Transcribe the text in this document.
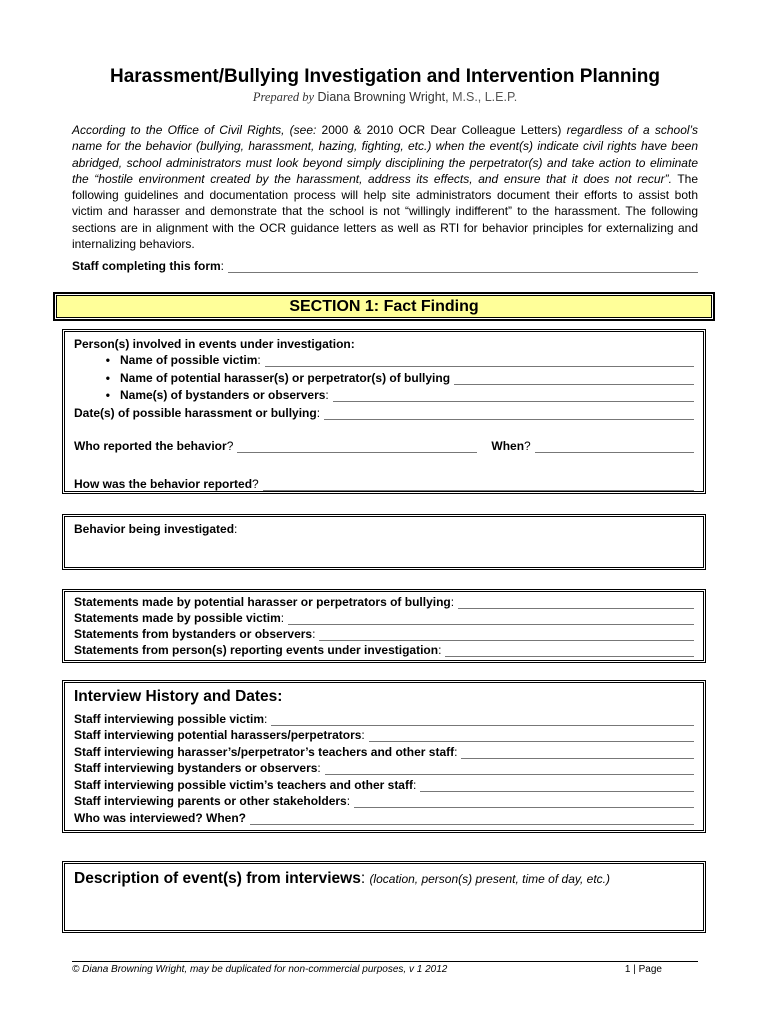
Harassment/Bullying Investigation and Intervention Planning
Prepared by Diana Browning Wright, M.S., L.E.P.
According to the Office of Civil Rights, (see: 2000 & 2010 OCR Dear Colleague Letters) regardless of a school’s name for the behavior (bullying, harassment, hazing, fighting, etc.) when the event(s) indicate civil rights have been abridged, school administrators must look beyond simply disciplining the perpetrator(s) and take action to eliminate the “hostile environment created by the harassment, address its effects, and ensure that it does not recur”. The following guidelines and documentation process will help site administrators document their efforts to assist both victim and harasser and demonstrate that the school is not “willingly indifferent” to the harassment. The following sections are in alignment with the OCR guidance letters as well as RTI for behavior principles for externalizing and internalizing behaviors.
Staff completing this form :
SECTION 1: Fact Finding
Person(s) involved in events under investigation:
• Name of possible victim :
• Name of potential harasser(s) or perpetrator(s) of bullying
• Name(s) of bystanders or observers :
Date(s) of possible harassment or bullying :
Who reported the behavior ?	When ?
How was the behavior reported ?
Behavior being investigated :
Statements made by potential harasser or perpetrators of bullying :
Statements made by possible victim :
Statements from bystanders or observers :
Statements from person(s) reporting events under investigation :
Interview History and Dates:
Staff interviewing possible victim :
Staff interviewing potential harassers/perpetrators :
Staff interviewing harasser’s/perpetrator’s teachers and other staff :
Staff interviewing bystanders or observers :
Staff interviewing possible victim’s teachers and other staff :
Staff interviewing parents or other stakeholders :
Who was interviewed? When?
Description of event(s) from interviews: (location, person(s) present, time of day, etc.)
© Diana Browning Wright, may be duplicated for non-commercial purposes, v 1 2012	1 | Page
